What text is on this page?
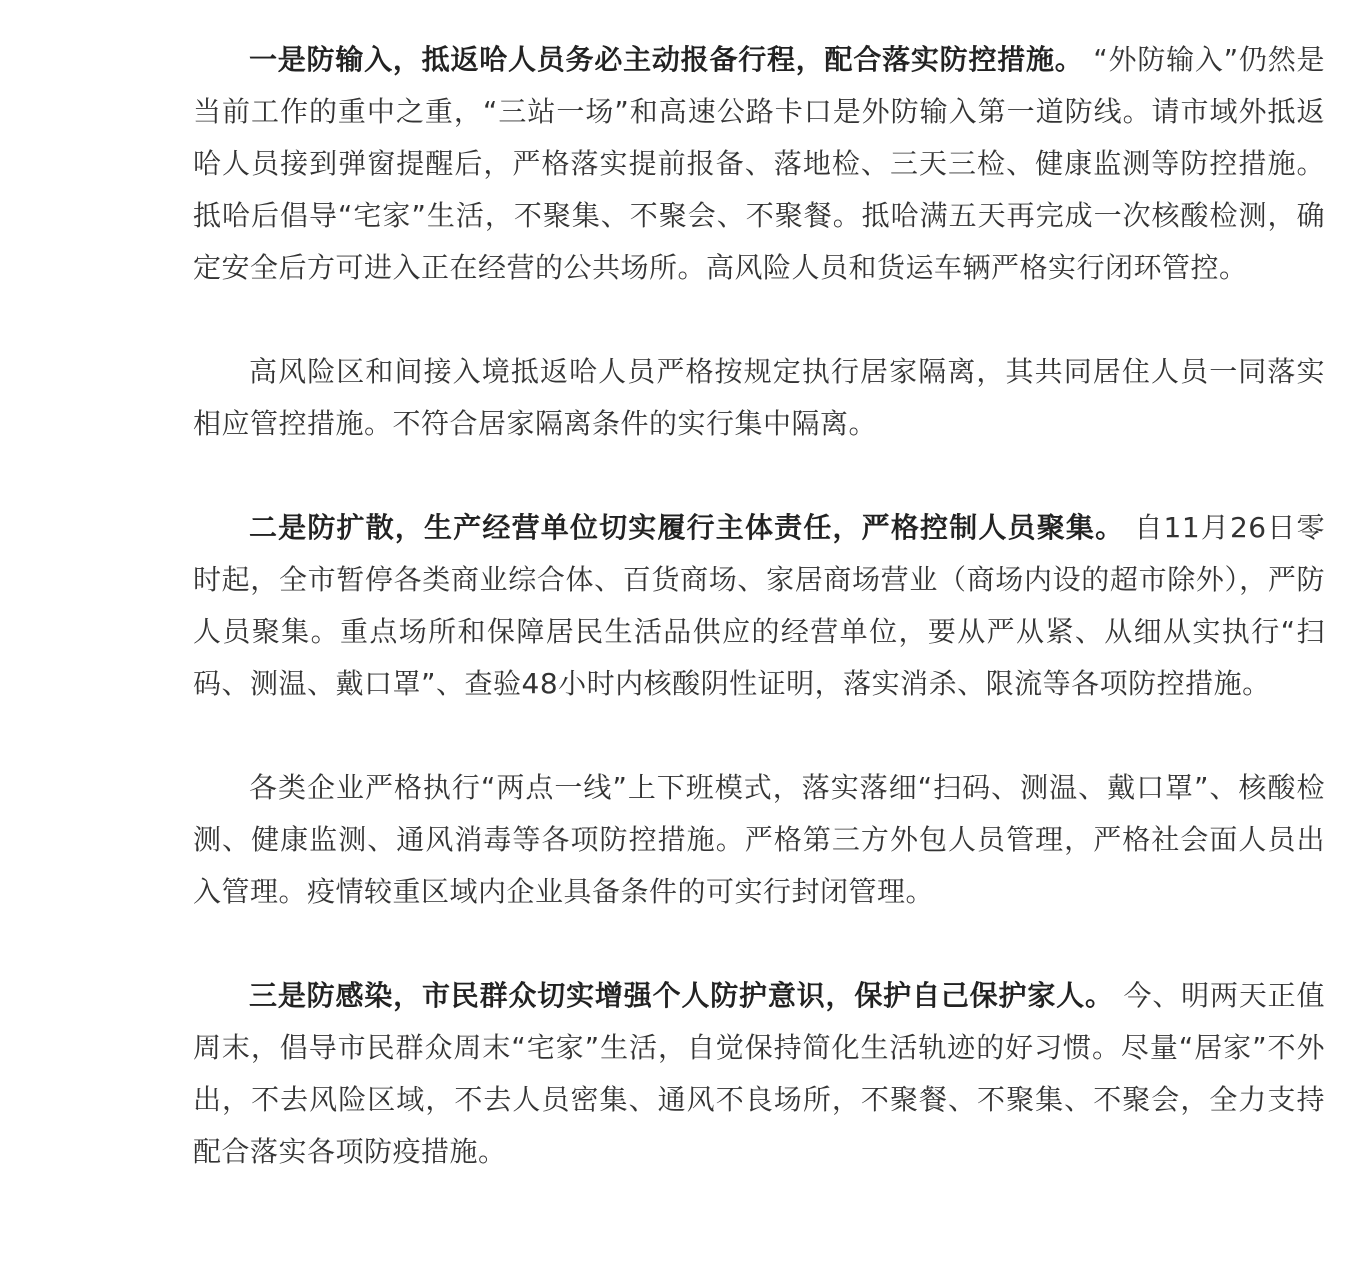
一是防输入，抵返哈人员务必主动报备行程，配合落实防控措施。 “外防输入”仍然是当前工作的重中之重，“三站一场”和高速公路卡口是外防输入第一道防线。请市域外抵返哈人员接到弹窗提醒后，严格落实提前报备、落地检、三天三检、健康监测等防控措施。抵哈后倡导“宅家”生活，不聚集、不聚会、不聚餐。抵哈满五天再完成一次核酸检测，确定安全后方可进入正在经营的公共场所。高风险人员和货运车辆严格实行闭环管控。

高风险区和间接入境抵返哈人员严格按规定执行居家隔离，其共同居住人员一同落实相应管控措施。不符合居家隔离条件的实行集中隔离。

二是防扩散，生产经营单位切实履行主体责任，严格控制人员聚集。 自11月26日零时起，全市暂停各类商业综合体、百货商场、家居商场营业（商场内设的超市除外），严防人员聚集。重点场所和保障居民生活品供应的经营单位，要从严从紧、从细从实执行“扫码、测温、戴口罩”、查验48小时内核酸阴性证明，落实消杀、限流等各项防控措施。

各类企业严格执行“两点一线”上下班模式，落实落细“扫码、测温、戴口罩”、核酸检测、健康监测、通风消毒等各项防控措施。严格第三方外包人员管理，严格社会面人员出入管理。疫情较重区域内企业具备条件的可实行封闭管理。

三是防感染，市民群众切实增强个人防护意识，保护自己保护家人。 今、明两天正值周末，倡导市民群众周末“宅家”生活，自觉保持简化生活轨迹的好习惯。尽量“居家”不外出，不去风险区域，不去人员密集、通风不良场所，不聚餐、不聚集、不聚会，全力支持配合落实各项防疫措施。
